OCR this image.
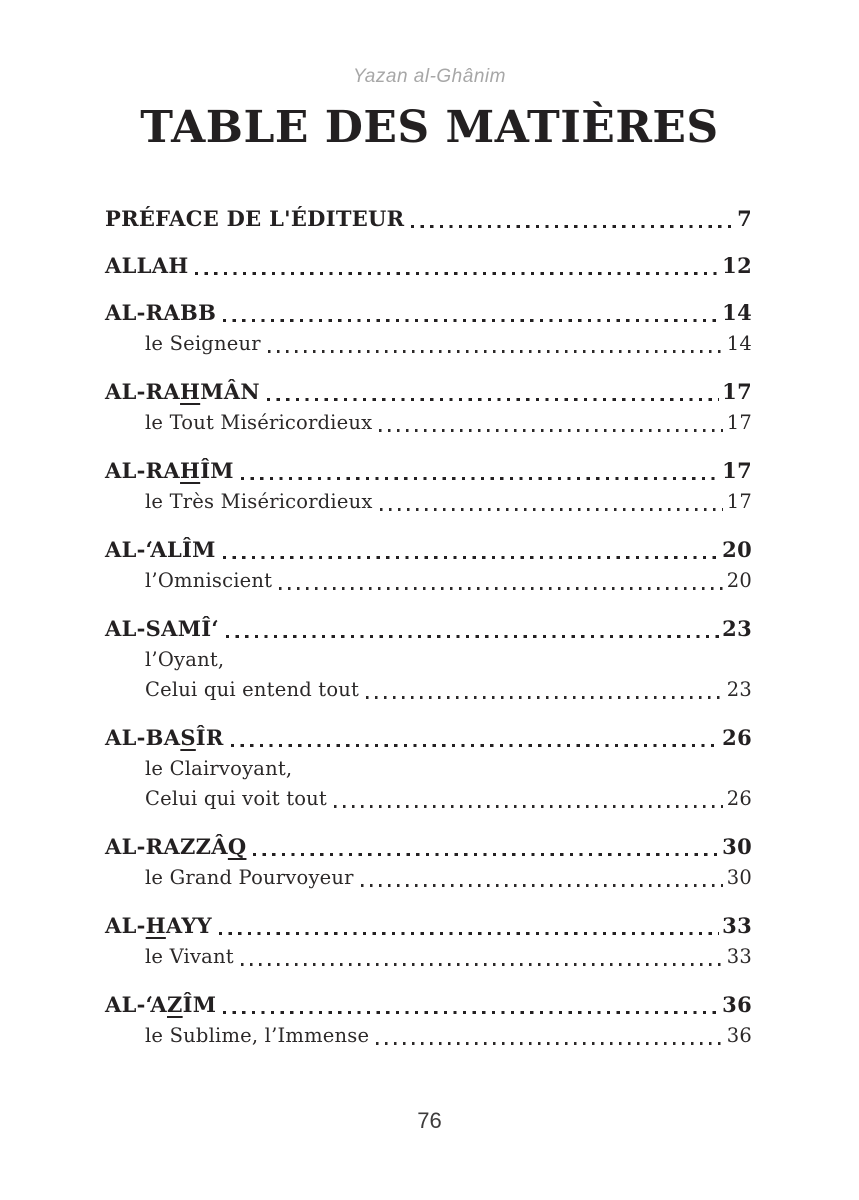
Yazan al-Ghânim
TABLE DES MATIÈRES
PRÉFACE DE L'ÉDITEUR	7
ALLAH	12
AL-RABB	14
le Seigneur	14
AL-RAHMÂN	17
le Tout Miséricordieux	17
AL-RAHÎM	17
le Très Miséricordieux	17
AL-‘ALÎM	20
l’Omniscient	20
AL-SAMÎ‘	23
l’Oyant,
Celui qui entend tout	23
AL-BASÎR	26
le Clairvoyant,
Celui qui voit tout	26
AL-RAZZÂQ	30
le Grand Pourvoyeur	30
AL-HAYY	33
le Vivant	33
AL-‘AZÎM	36
le Sublime, l’Immense	36
76
